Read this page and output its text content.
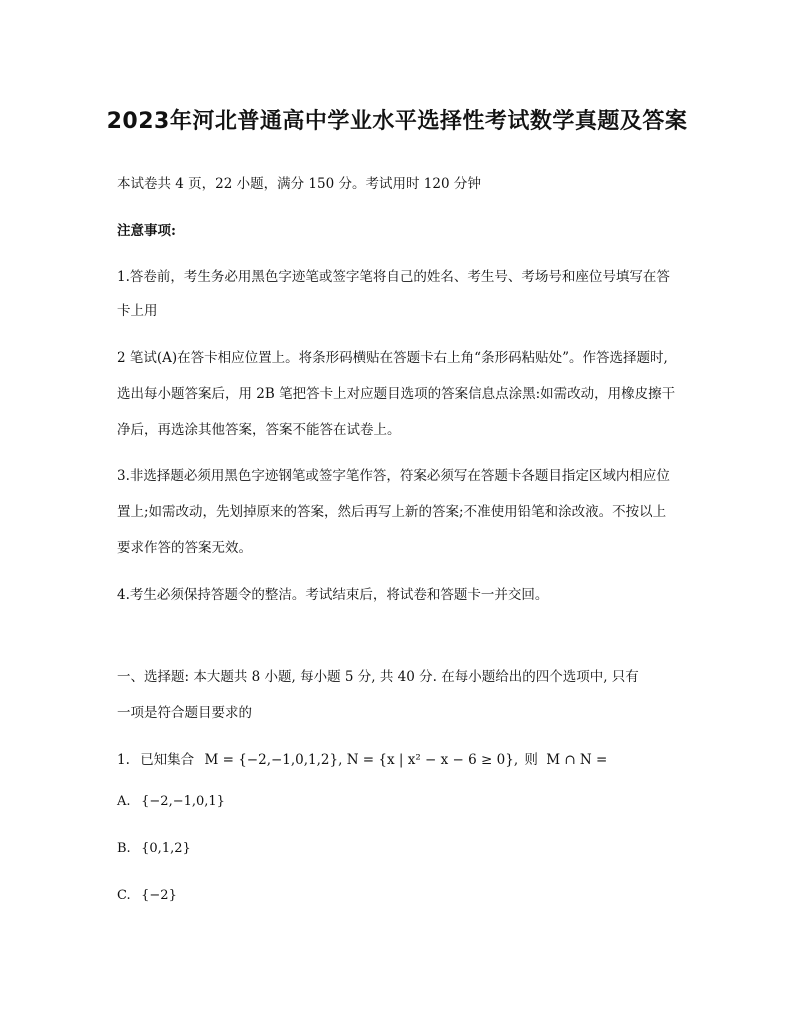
2023年河北普通高中学业水平选择性考试数学真题及答案
本试卷共 4 页，22 小题，满分 150 分。考试用时 120 分钟
注意事项:
1.答卷前，考生务必用黑色字迹笔或签字笔将自己的姓名、考生号、考场号和座位号填写在答
卡上用
2 笔试(A)在答卡相应位置上。将条形码横贴在答题卡右上角“条形码粘贴处”。作答选择题时,
选出每小题答案后，用 2B 笔把答卡上对应题目选项的答案信息点涂黑:如需改动，用橡皮擦干
净后，再选涂其他答案，答案不能答在试卷上。
3.非选择题必须用黑色字迹钢笔或签字笔作答，符案必须写在答题卡各题目指定区域内相应位
置上;如需改动，先划掉原来的答案，然后再写上新的答案;不准使用铅笔和涂改液。不按以上
要求作答的答案无效。
4.考生必须保持答题令的整洁。考试结束后，将试卷和答题卡一并交回。
一、选择题: 本大题共 8 小题, 每小题 5 分, 共 40 分. 在每小题给出的四个选项中, 只有
一项是符合题目要求的
1. 已知集合 M = {−2,−1,0,1,2}, N = {x | x² − x − 6 ≥ 0}, 则 M ∩ N =
A. {−2,−1,0,1}
B. {0,1,2}
C. {−2}
